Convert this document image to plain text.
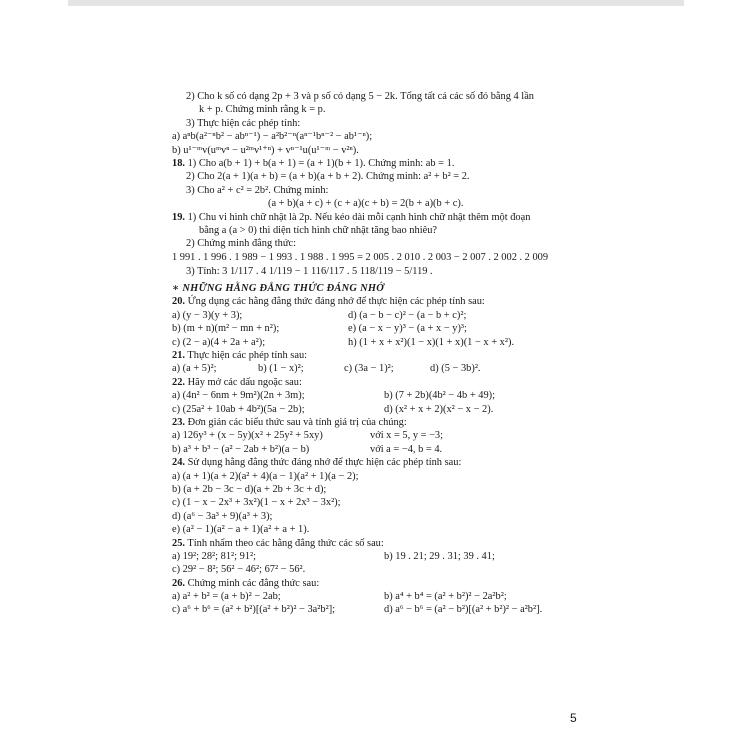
2) Cho k số có dạng 2p + 3 và p số có dạng 5 − 2k. Tổng tất cả các số đó bằng 4 lần
k + p. Chứng minh rằng k = p.
3) Thực hiện các phép tính:
a) aⁿb(a²⁻ⁿb² − abⁿ⁻¹) − a²b²⁻ⁿ(aⁿ⁻¹bⁿ⁻² − ab¹⁻ⁿ);
b) u¹⁻ᵐv(uᵐvⁿ − u²ᵐv¹⁺ⁿ) + vⁿ⁻¹u(u¹⁻ᵐ − v²ⁿ).
18. 1) Cho a(b + 1) + b(a + 1) = (a + 1)(b + 1). Chứng minh: ab = 1.
2) Cho 2(a + 1)(a + b) = (a + b)(a + b + 2). Chứng minh: a² + b² = 2.
3) Cho a² + c² = 2b². Chứng minh:
(a + b)(a + c) + (c + a)(c + b) = 2(b + a)(b + c).
19. 1) Chu vi hình chữ nhật là 2p. Nếu kéo dài mỗi cạnh hình chữ nhật thêm một đoạn
bằng a (a > 0) thì diện tích hình chữ nhật tăng bao nhiêu?
2) Chứng minh đẳng thức:
1 991 . 1 996 . 1 989 − 1 993 . 1 988 . 1 995 = 2 005 . 2 010 . 2 003 − 2 007 . 2 002 . 2 009
3) Tính: 3 1/117 . 4 1/119 − 1 116/117 . 5 118/119 − 5/119 .
∗ NHỮNG HẰNG ĐẲNG THỨC ĐÁNG NHỚ
20. Ứng dụng các hằng đẳng thức đáng nhớ để thực hiện các phép tính sau:
a) (y − 3)(y + 3);	d) (a − b − c)² − (a − b + c)²;
b) (m + n)(m² − mn + n²);	e) (a − x − y)³ − (a + x − y)³;
c) (2 − a)(4 + 2a + a²);	h) (1 + x + x²)(1 − x)(1 + x)(1 − x + x²).
21. Thực hiện các phép tính sau:
a) (a + 5)²;	b) (1 − x)²;	c) (3a − 1)²;	d) (5 − 3b)².
22. Hãy mở các dấu ngoặc sau:
a) (4n² − 6nm + 9m²)(2n + 3m);	b) (7 + 2b)(4b² − 4b + 49);
c) (25a² + 10ab + 4b²)(5a − 2b);	d) (x² + x + 2)(x² − x − 2).
23. Đơn giản các biểu thức sau và tính giá trị của chúng:
a) 126y³ + (x − 5y)(x² + 25y² + 5xy)	với x = 5, y = −3;
b) a³ + b³ − (a² − 2ab + b²)(a − b)	với a = −4, b = 4.
24. Sử dụng hằng đẳng thức đáng nhớ để thực hiện các phép tính sau:
a) (a + 1)(a + 2)(a² + 4)(a − 1)(a² + 1)(a − 2);
b) (a + 2b − 3c − d)(a + 2b + 3c + d);
c) (1 − x − 2x³ + 3x²)(1 − x + 2x³ − 3x²);
d) (a⁶ − 3a³ + 9)(a³ + 3);
e) (a² − 1)(a² − a + 1)(a² + a + 1).
25. Tính nhẩm theo các hằng đẳng thức các số sau:
a) 19²; 28²; 81²; 91²;	b) 19 . 21; 29 . 31; 39 . 41;
c) 29² − 8²; 56² − 46²; 67² − 56².
26. Chứng minh các đẳng thức sau:
a) a² + b² = (a + b)² − 2ab;	b) a⁴ + b⁴ = (a² + b²)² − 2a²b²;
c) a⁶ + b⁶ = (a² + b²)[(a² + b²)² − 3a²b²];	d) a⁶ − b⁶ = (a² − b²)[(a² + b²)² − a²b²].
5
